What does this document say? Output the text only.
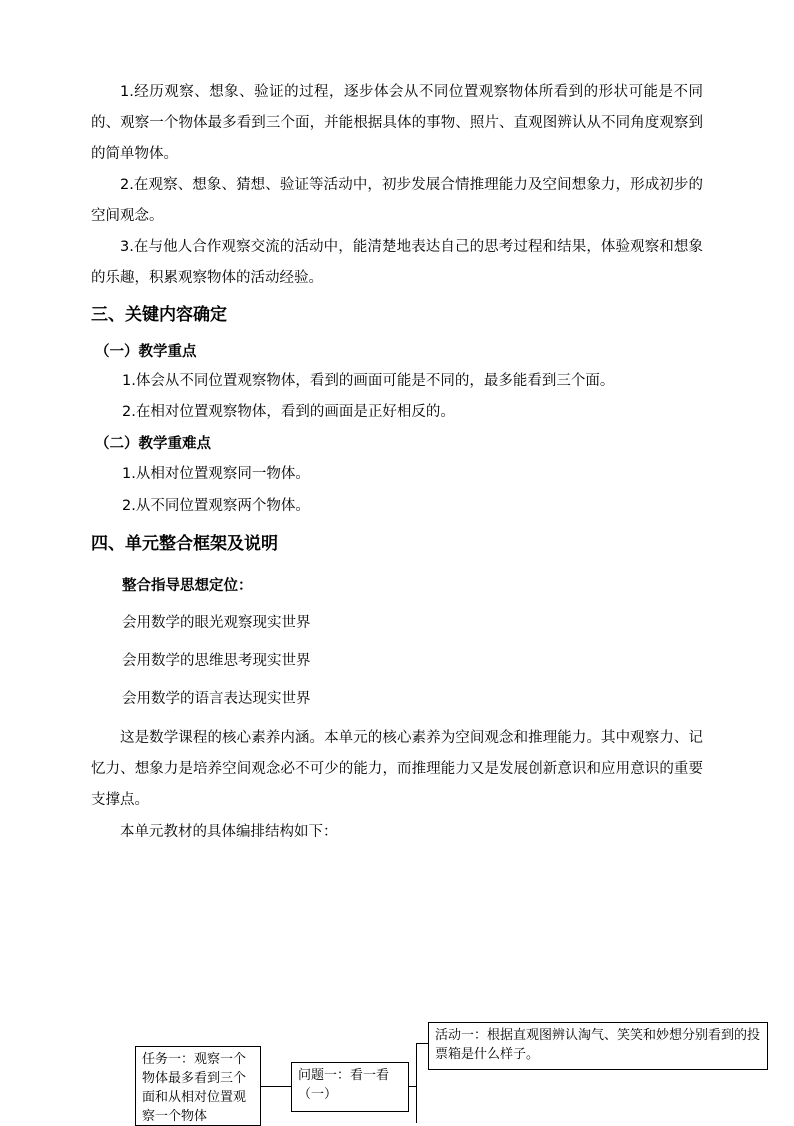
1.经历观察、想象、验证的过程，逐步体会从不同位置观察物体所看到的形状可能是不同的、观察一个物体最多看到三个面，并能根据具体的事物、照片、直观图辨认从不同角度观察到的简单物体。

2.在观察、想象、猜想、验证等活动中，初步发展合情推理能力及空间想象力，形成初步的空间观念。

3.在与他人合作观察交流的活动中，能清楚地表达自己的思考过程和结果，体验观察和想象的乐趣，积累观察物体的活动经验。

三、关键内容确定
（一）教学重点

1.体会从不同位置观察物体，看到的画面可能是不同的，最多能看到三个面。

2.在相对位置观察物体，看到的画面是正好相反的。

（二）教学重难点

1.从相对位置观察同一物体。

2.从不同位置观察两个物体。

四、单元整合框架及说明

整合指导思想定位：

会用数学的眼光观察现实世界

会用数学的思维思考现实世界

会用数学的语言表达现实世界

这是数学课程的核心素养内涵。本单元的核心素养为空间观念和推理能力。其中观察力、记忆力、想象力是培养空间观念必不可少的能力，而推理能力又是发展创新意识和应用意识的重要支撑点。

本单元教材的具体编排结构如下：

任务一：观察一个物体最多看到三个面和从相对位置观察一个物体
问题一：看一看（一）
活动一：根据直观图辨认淘气、笑笑和妙想分别看到的投票箱是什么样子。
